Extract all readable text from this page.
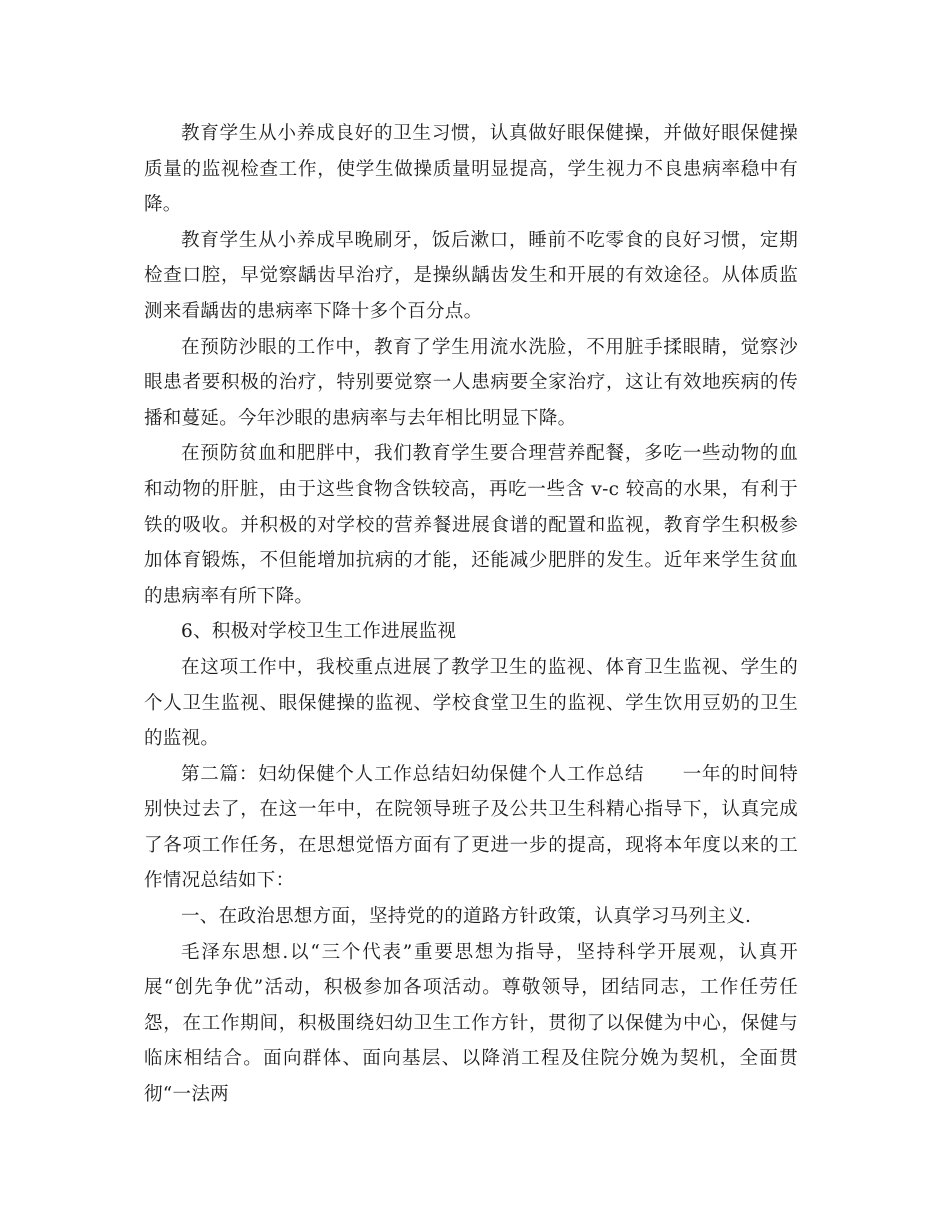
教育学生从小养成良好的卫生习惯，认真做好眼保健操，并做好眼保健操质量的监视检查工作，使学生做操质量明显提高，学生视力不良患病率稳中有降。

教育学生从小养成早晚刷牙，饭后漱口，睡前不吃零食的良好习惯，定期检查口腔，早觉察龋齿早治疗，是操纵龋齿发生和开展的有效途径。从体质监测来看龋齿的患病率下降十多个百分点。

在预防沙眼的工作中，教育了学生用流水洗脸，不用脏手揉眼睛，觉察沙眼患者要积极的治疗，特别要觉察一人患病要全家治疗，这让有效地疾病的传播和蔓延。今年沙眼的患病率与去年相比明显下降。

在预防贫血和肥胖中，我们教育学生要合理营养配餐，多吃一些动物的血和动物的肝脏，由于这些食物含铁较高，再吃一些含 v-c 较高的水果，有利于铁的吸收。并积极的对学校的营养餐进展食谱的配置和监视，教育学生积极参加体育锻炼，不但能增加抗病的才能，还能减少肥胖的发生。近年来学生贫血的患病率有所下降。

6、积极对学校卫生工作进展监视

在这项工作中，我校重点进展了教学卫生的监视、体育卫生监视、学生的个人卫生监视、眼保健操的监视、学校食堂卫生的监视、学生饮用豆奶的卫生的监视。

第二篇：妇幼保健个人工作总结妇幼保健个人工作总结　　一年的时间特别快过去了，在这一年中，在院领导班子及公共卫生科精心指导下，认真完成了各项工作任务，在思想觉悟方面有了更进一步的提高，现将本年度以来的工作情况总结如下：

一、在政治思想方面，坚持党的的道路方针政策，认真学习马列主义.

毛泽东思想.以“三个代表”重要思想为指导，坚持科学开展观，认真开展“创先争优”活动，积极参加各项活动。尊敬领导，团结同志，工作任劳任怨，在工作期间，积极围绕妇幼卫生工作方针，贯彻了以保健为中心，保健与临床相结合。面向群体、面向基层、以降消工程及住院分娩为契机，全面贯彻“一法两
